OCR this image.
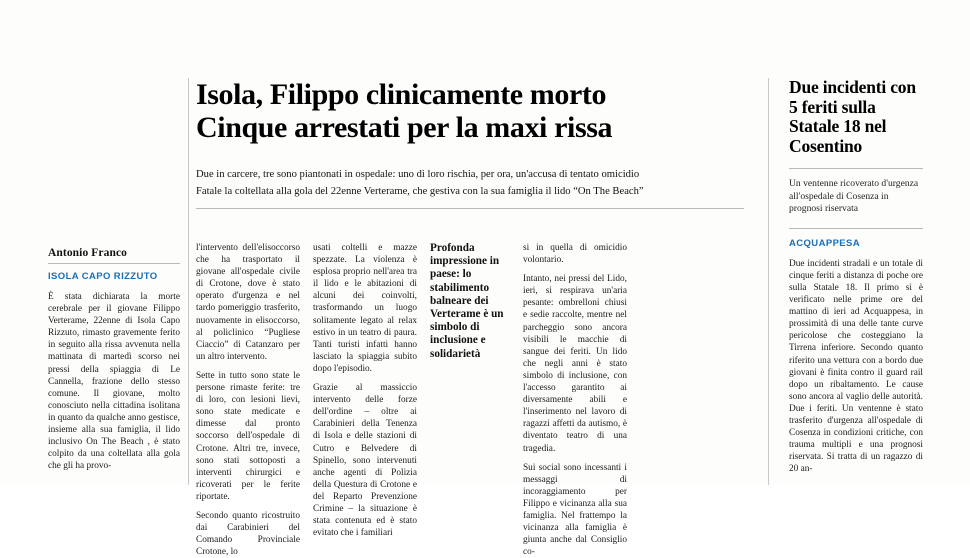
Antonio Franco
ISOLA CAPO RIZZUTO
È stata dichiarata la morte cerebrale per il giovane Filippo Verterame, 22enne di Isola Capo Rizzuto, rimasto gravemente ferito in seguito alla rissa avvenuta nella mattinata di martedì scorso nei pressi della spiaggia di Le Cannella, frazione dello stesso comune. Il giovane, molto conosciuto nella cittadina isolitana in quanto da qualche anno gestisce, insieme alla sua famiglia, il lido inclusivo On The Beach , è stato colpito da una coltellata alla gola che gli ha provo-
Isola, Filippo clinicamente morto
Cinque arrestati per la maxi rissa
Due in carcere, tre sono piantonati in ospedale: uno di loro rischia, per ora, un'accusa di tentato omicidio
Fatale la coltellata alla gola del 22enne Verterame, che gestiva con la sua famiglia il lido “On The Beach”

l'intervento dell'elisoccorso che ha trasportato il giovane all'ospedale civile di Crotone, dove è stato operato d'urgenza e nel tardo pomeriggio trasferito, nuovamente in elisoccorso, al policlinico “Pugliese Ciaccio” di Catanzaro per un altro intervento.

Sette in tutto sono state le persone rimaste ferite: tre di loro, con lesioni lievi, sono state medicate e dimesse dal pronto soccorso dell'ospedale di Crotone. Altri tre, invece, sono stati sottoposti a interventi chirurgici e ricoverati per le ferite riportate.

Secondo quanto ricostruito dai Carabinieri del Comando Provinciale Crotone, lo

usati coltelli e mazze spezzate. La violenza è esplosa proprio nell'area tra il lido e le abitazioni di alcuni dei coinvolti, trasformando un luogo solitamente legato al relax estivo in un teatro di paura. Tanti turisti infatti hanno lasciato la spiaggia subito dopo l'episodio.

Grazie al massiccio intervento delle forze dell'ordine – oltre ai Carabinieri della Tenenza di Isola e delle stazioni di Cutro e Belvedere di Spinello, sono intervenuti anche agenti di Polizia della Questura di Crotone e del Reparto Prevenzione Crimine – la situazione è stata contenuta ed è stato evitato che i familiari

Profonda impressione in paese: lo stabilimento balneare dei Verterame è un simbolo di inclusione e solidarietà

si in quella di omicidio volontario.

Intanto, nei pressi del Lido, ieri, si respirava un'aria pesante: ombrelloni chiusi e sedie raccolte, mentre nel parcheggio sono ancora visibili le macchie di sangue dei feriti. Un lido che negli anni è stato simbolo di inclusione, con l'accesso garantito ai diversamente abili e l'inserimento nel lavoro di ragazzi affetti da autismo, è diventato teatro di una tragedia.

Sui social sono incessanti i messaggi di incoraggiamento per Filippo e vicinanza alla sua famiglia. Nel frattempo la vicinanza alla famiglia è giunta anche dal Consiglio co-

Due incidenti con 5 feriti sulla Statale 18 nel Cosentino
Un ventenne ricoverato d'urgenza all'ospedale di Cosenza in prognosi riservata
ACQUAPPESA
Due incidenti stradali e un totale di cinque feriti a distanza di poche ore sulla Statale 18. Il primo si è verificato nelle prime ore del mattino di ieri ad Acquappesa, in prossimità di una delle tante curve pericolose che costeggiano la Tirrena inferiore. Secondo quanto riferito una vettura con a bordo due giovani è finita contro il guard rail dopo un ribaltamento. Le cause sono ancora al vaglio delle autorità. Due i feriti. Un ventenne è stato trasferito d'urgenza all'ospedale di Cosenza in condizioni critiche, con trauma multipli e una prognosi riservata. Si tratta di un ragazzo di 20 an-
